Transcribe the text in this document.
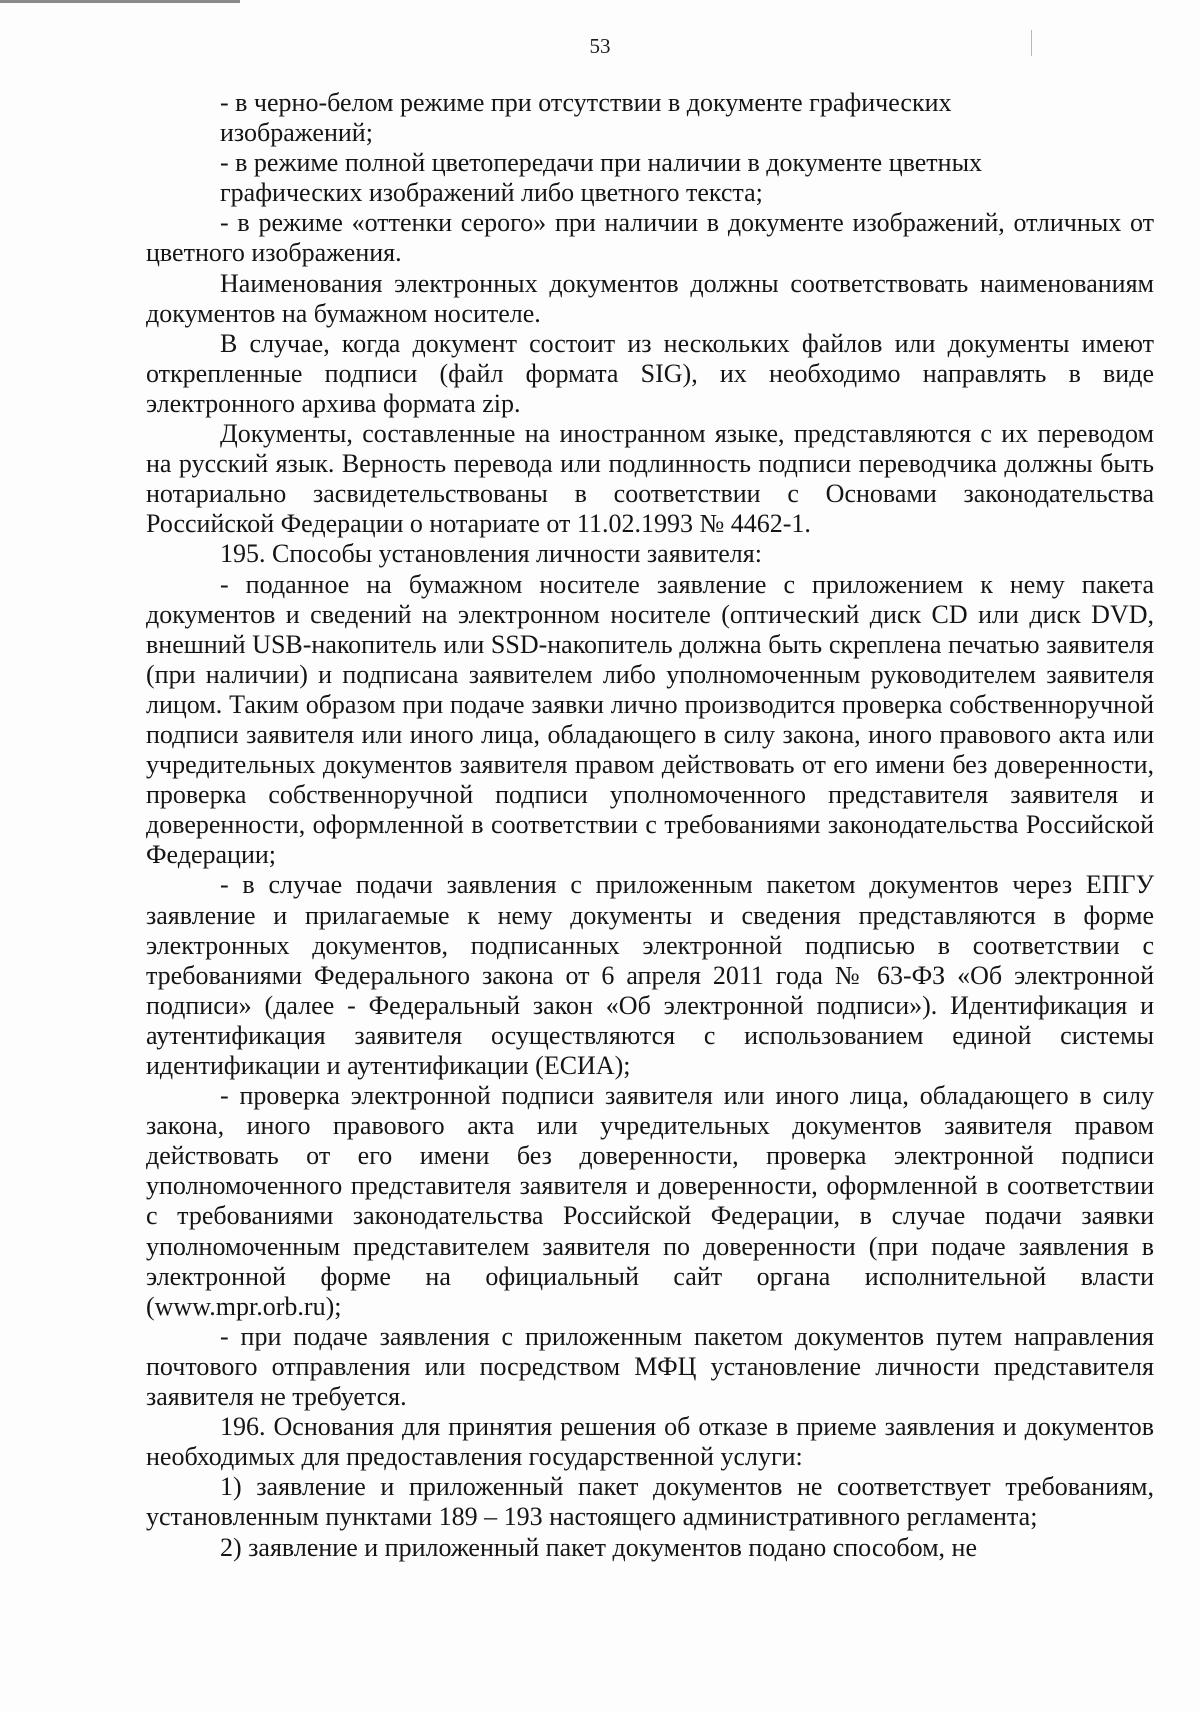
53

- в черно-белом режиме при отсутствии в документе графических

изображений;

- в режиме полной цветопередачи при наличии в документе цветных

графических изображений либо цветного текста;

- в режиме «оттенки серого» при наличии в документе изображений, отличных от цветного изображения.

Наименования электронных документов должны соответствовать наименованиям документов на бумажном носителе.

В случае, когда документ состоит из нескольких файлов или документы имеют открепленные подписи (файл формата SIG), их необходимо направлять в виде электронного архива формата zip.

Документы, составленные на иностранном языке, представляются с их переводом на русский язык. Верность перевода или подлинность подписи переводчика должны быть нотариально засвидетельствованы в соответствии с Основами законодательства Российской Федерации о нотариате от 11.02.1993 № 4462-1.

195. Способы установления личности заявителя:

- поданное на бумажном носителе заявление с приложением к нему пакета документов и сведений на электронном носителе (оптический диск CD или диск DVD, внешний USB-накопитель или SSD-накопитель должна быть скреплена печатью заявителя (при наличии) и подписана заявителем либо уполномоченным руководителем заявителя лицом. Таким образом при подаче заявки лично производится проверка собственноручной подписи заявителя или иного лица, обладающего в силу закона, иного правового акта или учредительных документов заявителя правом действовать от его имени без доверенности, проверка собственноручной подписи уполномоченного представителя заявителя и доверенности, оформленной в соответствии с требованиями законодательства Российской Федерации;

- в случае подачи заявления с приложенным пакетом документов через ЕПГУ заявление и прилагаемые к нему документы и сведения представляются в форме электронных документов, подписанных электронной подписью в соответствии с требованиями Федерального закона от 6 апреля 2011 года № 63-ФЗ «Об электронной подписи» (далее - Федеральный закон «Об электронной подписи»). Идентификация и аутентификация заявителя осуществляются с использованием единой системы идентификации и аутентификации (ЕСИА);

- проверка электронной подписи заявителя или иного лица, обладающего в силу закона, иного правового акта или учредительных документов заявителя правом действовать от его имени без доверенности, проверка электронной подписи уполномоченного представителя заявителя и доверенности, оформленной в соответствии с требованиями законодательства Российской Федерации, в случае подачи заявки уполномоченным представителем заявителя по доверенности (при подаче заявления в электронной форме на официальный сайт органа исполнительной власти (www.mpr.orb.ru);

- при подаче заявления с приложенным пакетом документов путем направления почтового отправления или посредством МФЦ установление личности представителя заявителя не требуется.

196. Основания для принятия решения об отказе в приеме заявления и документов необходимых для предоставления государственной услуги:

1) заявление и приложенный пакет документов не соответствует требованиям, установленным пунктами 189 – 193 настоящего административного регламента;

2) заявление и приложенный пакет документов подано способом, не
